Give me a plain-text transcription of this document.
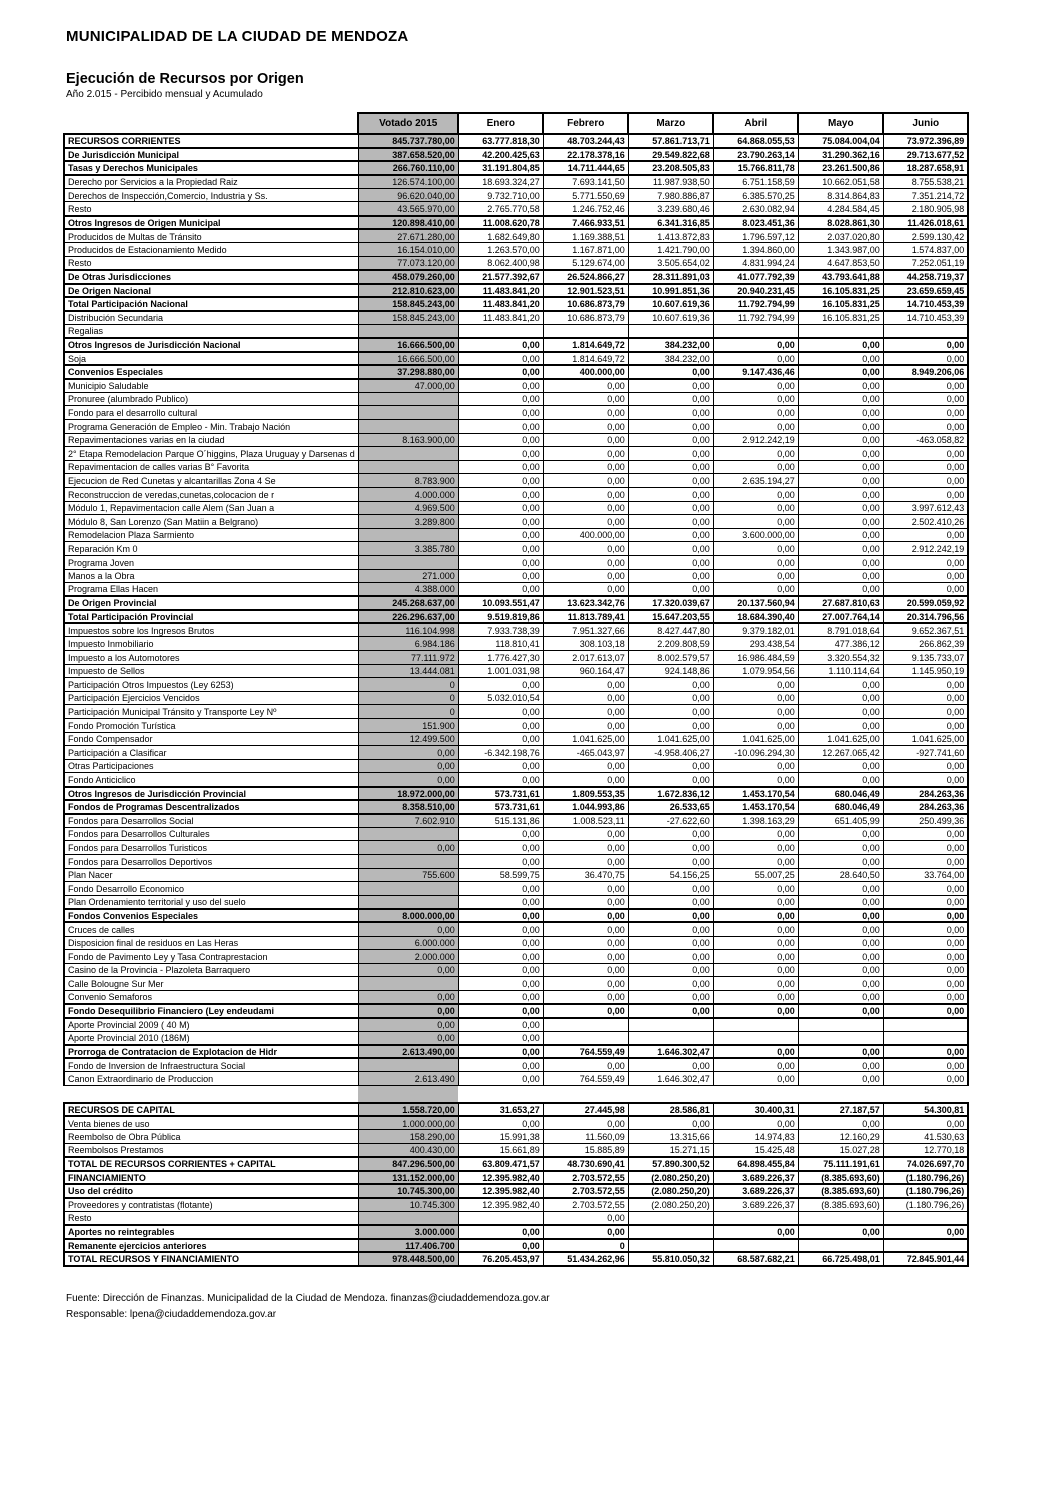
MUNICIPALIDAD DE LA CIUDAD DE MENDOZA
Ejecución de Recursos por Origen
Año 2.015 - Percibido mensual y Acumulado
	Votado 2015	Enero	Febrero	Marzo	Abril	Mayo	Junio
RECURSOS CORRIENTES	845.737.780,00	63.777.818,30	48.703.244,43	57.861.713,71	64.868.055,53	75.084.004,04	73.972.396,89
De Jurisdicción Municipal	387.658.520,00	42.200.425,63	22.178.378,16	29.549.822,68	23.790.263,14	31.290.362,16	29.713.677,52
Tasas y Derechos Municipales	266.760.110,00	31.191.804,85	14.711.444,65	23.208.505,83	15.766.811,78	23.261.500,86	18.287.658,91
Derecho por Servicios a la Propiedad Raiz	126.574.100,00	18.693.324,27	7.693.141,50	11.987.938,50	6.751.158,59	10.662.051,58	8.755.538,21
Derechos de Inspección,Comercio, Industria y Ss.	96.620.040,00	9.732.710,00	5.771.550,69	7.980.886,87	6.385.570,25	8.314.864,83	7.351.214,72
Resto	43.565.970,00	2.765.770,58	1.246.752,46	3.239.680,46	2.630.082,94	4.284.584,45	2.180.905,98
Otros Ingresos de Origen Municipal	120.898.410,00	11.008.620,78	7.466.933,51	6.341.316,85	8.023.451,36	8.028.861,30	11.426.018,61
Producidos de Multas de Tránsito	27.671.280,00	1.682.649,80	1.169.388,51	1.413.872,83	1.796.597,12	2.037.020,80	2.599.130,42
Producidos de Estacionamiento Medido	16.154.010,00	1.263.570,00	1.167.871,00	1.421.790,00	1.394.860,00	1.343.987,00	1.574.837,00
Resto	77.073.120,00	8.062.400,98	5.129.674,00	3.505.654,02	4.831.994,24	4.647.853,50	7.252.051,19
De Otras Jurisdicciones	458.079.260,00	21.577.392,67	26.524.866,27	28.311.891,03	41.077.792,39	43.793.641,88	44.258.719,37
De Origen Nacional	212.810.623,00	11.483.841,20	12.901.523,51	10.991.851,36	20.940.231,45	16.105.831,25	23.659.659,45
Total Participación Nacional	158.845.243,00	11.483.841,20	10.686.873,79	10.607.619,36	11.792.794,99	16.105.831,25	14.710.453,39
Distribución Secundaria	158.845.243,00	11.483.841,20	10.686.873,79	10.607.619,36	11.792.794,99	16.105.831,25	14.710.453,39
Regalias							
Otros Ingresos de Jurisdicción Nacional	16.666.500,00	0,00	1.814.649,72	384.232,00	0,00	0,00	0,00
Soja	16.666.500,00	0,00	1.814.649,72	384.232,00	0,00	0,00	0,00
Convenios Especiales	37.298.880,00	0,00	400.000,00	0,00	9.147.436,46	0,00	8.949.206,06
Municipio Saludable	47.000,00	0,00	0,00	0,00	0,00	0,00	0,00
Pronuree (alumbrado Publico)		0,00	0,00	0,00	0,00	0,00	0,00
Fondo para el desarrollo cultural		0,00	0,00	0,00	0,00	0,00	0,00
Programa Generación de Empleo - Min. Trabajo Nación		0,00	0,00	0,00	0,00	0,00	0,00
Repavimentaciones varias en la ciudad	8.163.900,00	0,00	0,00	0,00	2.912.242,19	0,00	-463.058,82
2° Etapa Remodelacion Parque O´higgins, Plaza Uruguay y Darsenas d		0,00	0,00	0,00	0,00	0,00	0,00
Repavimentacion de calles varias B° Favorita		0,00	0,00	0,00	0,00	0,00	0,00
Ejecucion de Red Cunetas y alcantarillas Zona 4 Se	8.783.900	0,00	0,00	0,00	2.635.194,27	0,00	0,00
Reconstruccion de veredas,cunetas,colocacion de r	4.000.000	0,00	0,00	0,00	0,00	0,00	0,00
Módulo 1, Repavimentacion calle Alem (San Juan a	4.969.500	0,00	0,00	0,00	0,00	0,00	3.997.612,43
Módulo 8, San Lorenzo (San Matiin a Belgrano)	3.289.800	0,00	0,00	0,00	0,00	0,00	2.502.410,26
Remodelacion Plaza Sarmiento		0,00	400.000,00	0,00	3.600.000,00	0,00	0,00
Reparación Km 0	3.385.780	0,00	0,00	0,00	0,00	0,00	2.912.242,19
Programa Joven		0,00	0,00	0,00	0,00	0,00	0,00
Manos a la Obra	271.000	0,00	0,00	0,00	0,00	0,00	0,00
Programa Ellas Hacen	4.388.000	0,00	0,00	0,00	0,00	0,00	0,00
De Origen Provincial	245.268.637,00	10.093.551,47	13.623.342,76	17.320.039,67	20.137.560,94	27.687.810,63	20.599.059,92
Total Participación Provincial	226.296.637,00	9.519.819,86	11.813.789,41	15.647.203,55	18.684.390,40	27.007.764,14	20.314.796,56
Impuestos sobre los Ingresos Brutos	116.104.998	7.933.738,39	7.951.327,66	8.427.447,80	9.379.182,01	8.791.018,64	9.652.367,51
Impuesto Inmobiliario	6.984.186	118.810,41	308.103,18	2.209.808,59	293.438,54	477.386,12	266.862,39
Impuesto a los Automotores	77.111.972	1.776.427,30	2.017.613,07	8.002.579,57	16.986.484,59	3.320.554,32	9.135.733,07
Impuesto de Sellos	13.444.081	1.001.031,98	960.164,47	924.148,86	1.079.954,56	1.110.114,64	1.145.950,19
Participación Otros Impuestos (Ley 6253)	0	0,00	0,00	0,00	0,00	0,00	0,00
Participación Ejercicios Vencidos	0	5.032.010,54	0,00	0,00	0,00	0,00	0,00
Participación Municipal Tránsito y Transporte Ley Nº	0	0,00	0,00	0,00	0,00	0,00	0,00
Fondo Promoción Turística	151.900	0,00	0,00	0,00	0,00	0,00	0,00
Fondo Compensador	12.499.500	0,00	1.041.625,00	1.041.625,00	1.041.625,00	1.041.625,00	1.041.625,00
Participación a Clasificar	0,00	-6.342.198,76	-465.043,97	-4.958.406,27	-10.096.294,30	12.267.065,42	-927.741,60
Otras Participaciones	0,00	0,00	0,00	0,00	0,00	0,00	0,00
Fondo Anticiclico	0,00	0,00	0,00	0,00	0,00	0,00	0,00
Otros Ingresos de Jurisdicción Provincial	18.972.000,00	573.731,61	1.809.553,35	1.672.836,12	1.453.170,54	680.046,49	284.263,36
Fondos de Programas Descentralizados	8.358.510,00	573.731,61	1.044.993,86	26.533,65	1.453.170,54	680.046,49	284.263,36
Fondos para Desarrollos Social	7.602.910	515.131,86	1.008.523,11	-27.622,60	1.398.163,29	651.405,99	250.499,36
Fondos para Desarrollos Culturales		0,00	0,00	0,00	0,00	0,00	0,00
Fondos para Desarrollos Turisticos	0,00	0,00	0,00	0,00	0,00	0,00	0,00
Fondos para Desarrollos Deportivos		0,00	0,00	0,00	0,00	0,00	0,00
Plan Nacer	755.600	58.599,75	36.470,75	54.156,25	55.007,25	28.640,50	33.764,00
Fondo Desarrollo Economico		0,00	0,00	0,00	0,00	0,00	0,00
Plan Ordenamiento territorial y uso del suelo		0,00	0,00	0,00	0,00	0,00	0,00
Fondos Convenios Especiales	8.000.000,00	0,00	0,00	0,00	0,00	0,00	0,00
Cruces de calles	0,00	0,00	0,00	0,00	0,00	0,00	0,00
Disposicion final de residuos en Las Heras	6.000.000	0,00	0,00	0,00	0,00	0,00	0,00
Fondo de Pavimento Ley y Tasa Contraprestacion	2.000.000	0,00	0,00	0,00	0,00	0,00	0,00
Casino de la Provincia - Plazoleta Barraquero	0,00	0,00	0,00	0,00	0,00	0,00	0,00
Calle Bolougne Sur Mer		0,00	0,00	0,00	0,00	0,00	0,00
Convenio Semaforos	0,00	0,00	0,00	0,00	0,00	0,00	0,00
Fondo Desequilibrio Financiero (Ley endeudami	0,00	0,00	0,00	0,00	0,00	0,00	0,00
Aporte Provincial 2009 ( 40 M)	0,00	0,00					
Aporte Provincial 2010 (186M)	0,00	0,00					
Prorroga de Contratacion de Explotacion de Hidr	2.613.490,00	0,00	764.559,49	1.646.302,47	0,00	0,00	0,00
Fondo de Inversion de Infraestructura Social		0,00	0,00	0,00	0,00	0,00	0,00
Canon Extraordinario de Produccion	2.613.490	0,00	764.559,49	1.646.302,47	0,00	0,00	0,00

RECURSOS DE CAPITAL	1.558.720,00	31.653,27	27.445,98	28.586,81	30.400,31	27.187,57	54.300,81
Venta bienes de uso	1.000.000,00	0,00	0,00	0,00	0,00	0,00	0,00
Reembolso de Obra Pública	158.290,00	15.991,38	11.560,09	13.315,66	14.974,83	12.160,29	41.530,63
Reembolsos Prestamos	400.430,00	15.661,89	15.885,89	15.271,15	15.425,48	15.027,28	12.770,18
TOTAL DE RECURSOS CORRIENTES + CAPITAL	847.296.500,00	63.809.471,57	48.730.690,41	57.890.300,52	64.898.455,84	75.111.191,61	74.026.697,70
FINANCIAMIENTO	131.152.000,00	12.395.982,40	2.703.572,55	(2.080.250,20)	3.689.226,37	(8.385.693,60)	(1.180.796,26)
Uso del crédito	10.745.300,00	12.395.982,40	2.703.572,55	(2.080.250,20)	3.689.226,37	(8.385.693,60)	(1.180.796,26)
Proveedores y contratistas (flotante)	10.745.300	12.395.982,40	2.703.572,55	(2.080.250,20)	3.689.226,37	(8.385.693,60)	(1.180.796,26)
Resto			0,00				
Aportes no reintegrables	3.000.000	0,00	0,00		0,00	0,00	0,00
Remanente ejercicios anteriores	117.406.700	0,00	0				
TOTAL RECURSOS Y FINANCIAMIENTO	978.448.500,00	76.205.453,97	51.434.262,96	55.810.050,32	68.587.682,21	66.725.498,01	72.845.901,44
Fuente: Dirección de Finanzas. Municipalidad de la Ciudad de Mendoza. finanzas@ciudaddemendoza.gov.ar
Responsable: lpena@ciudaddemendoza.gov.ar
